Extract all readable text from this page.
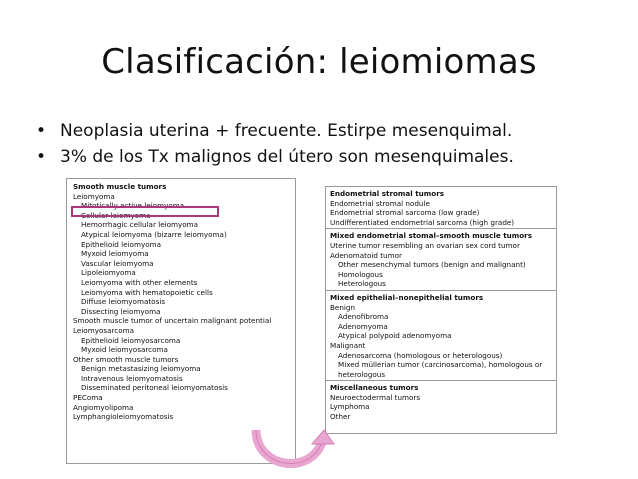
Clasificación: leiomiomas
• Neoplasia uterina + frecuente. Estirpe mesenquimal.
• 3% de los Tx malignos del útero son mesenquimales.
Smooth muscle tumors
Leiomyoma
Mitotically active leiomyoma
Cellular leiomyoma
Hemorrhagic cellular leiomyoma
Atypical leiomyoma (bizarre leiomyoma)
Epithelioid leiomyoma
Myxoid leiomyoma
Vascular leiomyoma
Lipoleiomyoma
Leiomyoma with other elements
Leiomyoma with hematopoietic cells
Diffuse leiomyomatosis
Dissecting leiomyoma
Smooth muscle tumor of uncertain malignant potential
Leiomyosarcoma
Epithelioid leiomyosarcoma
Myxoid leiomyosarcoma
Other smooth muscle tumors
Benign metastasizing leiomyoma
Intravenous leiomyomatosis
Disseminated peritoneal leiomyomatosis
PEComa
Angiomyolipoma
Lymphangioleiomyomatosis
Endometrial stromal tumors
Endometrial stromal nodule
Endometrial stromal sarcoma (low grade)
Undifferentiated endometrial sarcoma (high grade)
Mixed endometrial stomal–smooth muscle tumors
Uterine tumor resembling an ovarian sex cord tumor
Adenomatoid tumor
Other mesenchymal tumors (benign and malignant)
Homologous
Heterologous
Mixed epithelial–nonepithelial tumors
Benign
Adenofibroma
Adenomyoma
Atypical polypoid adenomyoma
Malignant
Adenosarcoma (homologous or heterologous)
Mixed müllerian tumor (carcinosarcoma), homologous or
heterologous
Miscellaneous tumors
Neuroectodermal tumors
Lymphoma
Other
